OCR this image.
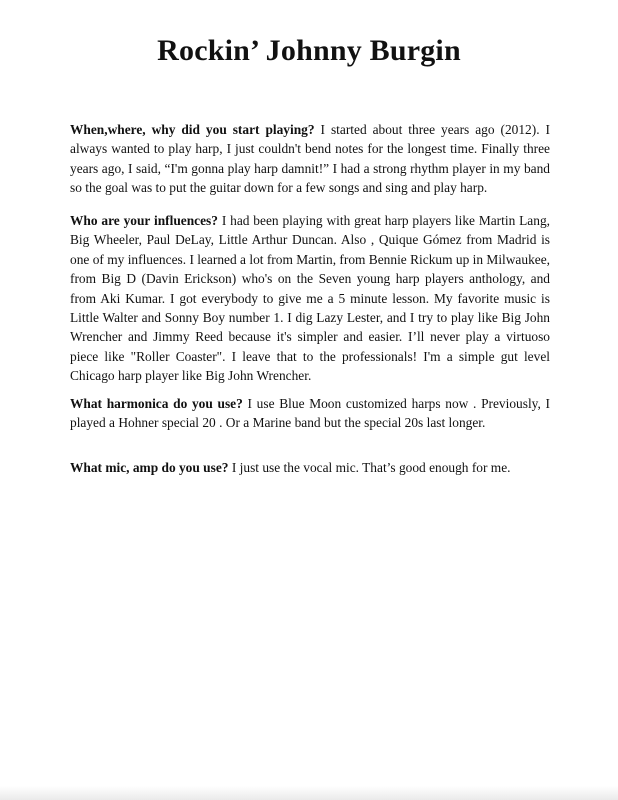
Rockin’ Johnny Burgin

When,where, why did you start playing? I started about three years ago (2012). I always wanted to play harp, I just couldn't bend notes for the longest time. Finally three years ago, I said, “I'm gonna play harp damnit!” I had a strong rhythm player in my band so the goal was to put the guitar down for a few songs and sing and play harp.

Who are your influences? I had been playing with great harp players like Martin Lang, Big Wheeler, Paul DeLay, Little Arthur Duncan. Also , Quique Gómez from Madrid is one of my influences. I learned a lot from Martin, from Bennie Rickum up in Milwaukee, from Big D (Davin Erickson) who's on the Seven young harp players anthology, and from Aki Kumar. I got everybody to give me a 5 minute lesson. My favorite music is Little Walter and Sonny Boy number 1. I dig Lazy Lester, and I try to play like Big John Wrencher and Jimmy Reed because it's simpler and easier. I’ll never play a virtuoso piece like "Roller Coaster". I leave that to the professionals! I'm a simple gut level Chicago harp player like Big John Wrencher.

What harmonica do you use? I use Blue Moon customized harps now . Previously, I played a Hohner special 20 . Or a Marine band but the special 20s last longer.

What mic, amp do you use? I just use the vocal mic. That’s good enough for me.
